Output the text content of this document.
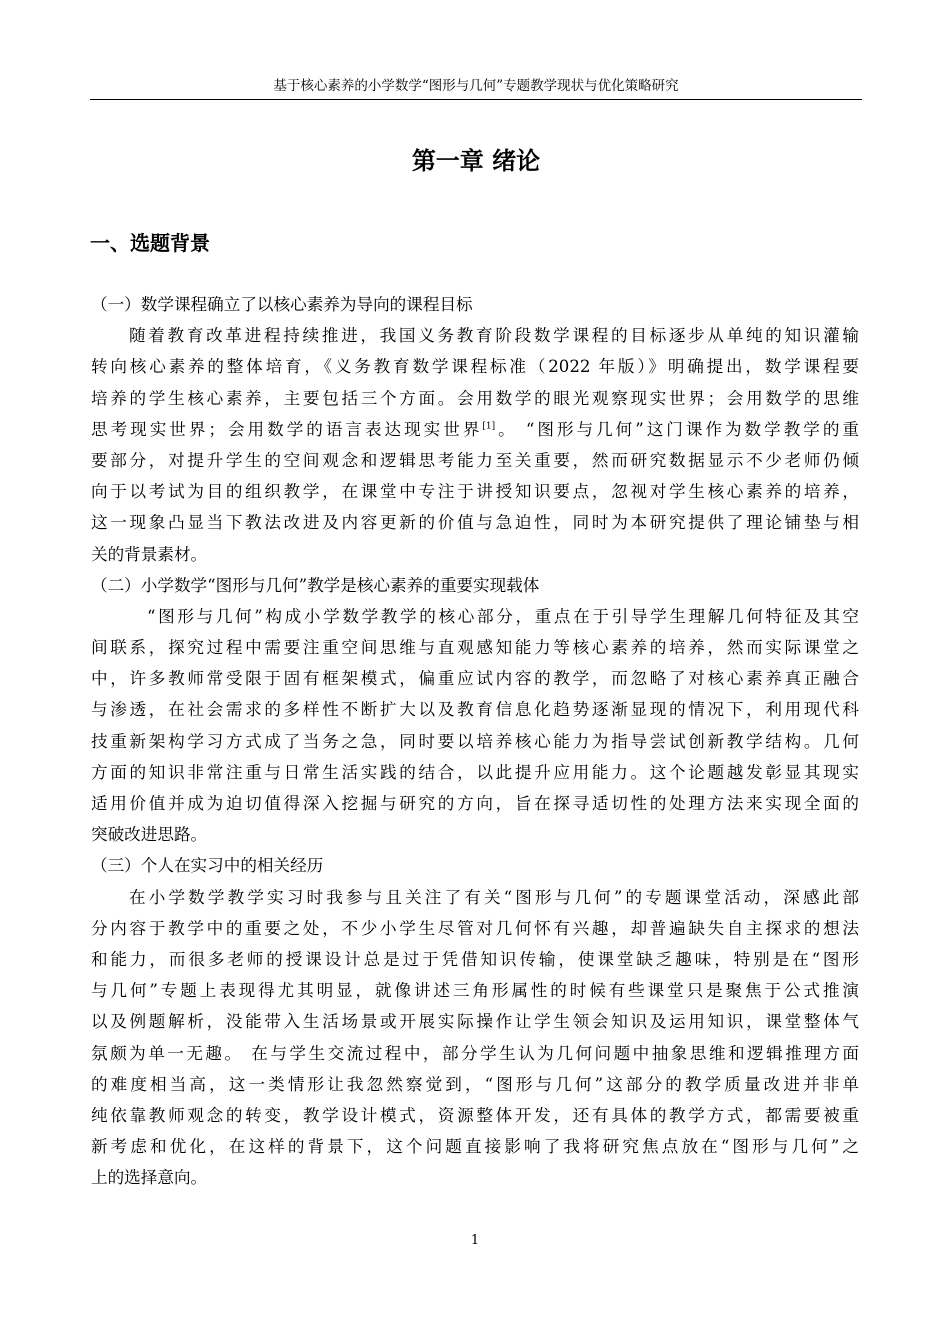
基于核心素养的小学数学“图形与几何”专题教学现状与优化策略研究
第一章 绪论
一、选题背景
（一）数学课程确立了以核心素养为导向的课程目标
随着教育改革进程持续推进，我国义务教育阶段数学课程的目标逐步从单纯的知识灌输
转向核心素养的整体培育，《义务教育数学课程标准（2022 年版）》明确提出，数学课程要
培养的学生核心素养，主要包括三个方面。会用数学的眼光观察现实世界；会用数学的思维
思考现实世界；会用数学的语言表达现实世界[1]。 “图形与几何”这门课作为数学教学的重
要部分，对提升学生的空间观念和逻辑思考能力至关重要，然而研究数据显示不少老师仍倾
向于以考试为目的组织教学，在课堂中专注于讲授知识要点，忽视对学生核心素养的培养，
这一现象凸显当下教法改进及内容更新的价值与急迫性，同时为本研究提供了理论铺垫与相
关的背景素材。
（二）小学数学“图形与几何”教学是核心素养的重要实现载体
“图形与几何”构成小学数学教学的核心部分，重点在于引导学生理解几何特征及其空
间联系，探究过程中需要注重空间思维与直观感知能力等核心素养的培养，然而实际课堂之
中，许多教师常受限于固有框架模式，偏重应试内容的教学，而忽略了对核心素养真正融合
与渗透，在社会需求的多样性不断扩大以及教育信息化趋势逐渐显现的情况下，利用现代科
技重新架构学习方式成了当务之急，同时要以培养核心能力为指导尝试创新教学结构。几何
方面的知识非常注重与日常生活实践的结合，以此提升应用能力。这个论题越发彰显其现实
适用价值并成为迫切值得深入挖掘与研究的方向，旨在探寻适切性的处理方法来实现全面的
突破改进思路。
（三）个人在实习中的相关经历
在小学数学教学实习时我参与且关注了有关“图形与几何”的专题课堂活动，深感此部
分内容于教学中的重要之处，不少小学生尽管对几何怀有兴趣，却普遍缺失自主探求的想法
和能力，而很多老师的授课设计总是过于凭借知识传输，使课堂缺乏趣味，特别是在“图形
与几何”专题上表现得尤其明显，就像讲述三角形属性的时候有些课堂只是聚焦于公式推演
以及例题解析，没能带入生活场景或开展实际操作让学生领会知识及运用知识，课堂整体气
氛颇为单一无趣。 在与学生交流过程中，部分学生认为几何问题中抽象思维和逻辑推理方面
的难度相当高，这一类情形让我忽然察觉到，“图形与几何”这部分的教学质量改进并非单
纯依靠教师观念的转变，教学设计模式，资源整体开发，还有具体的教学方式，都需要被重
新考虑和优化，在这样的背景下，这个问题直接影响了我将研究焦点放在“图形与几何”之
上的选择意向。
1
